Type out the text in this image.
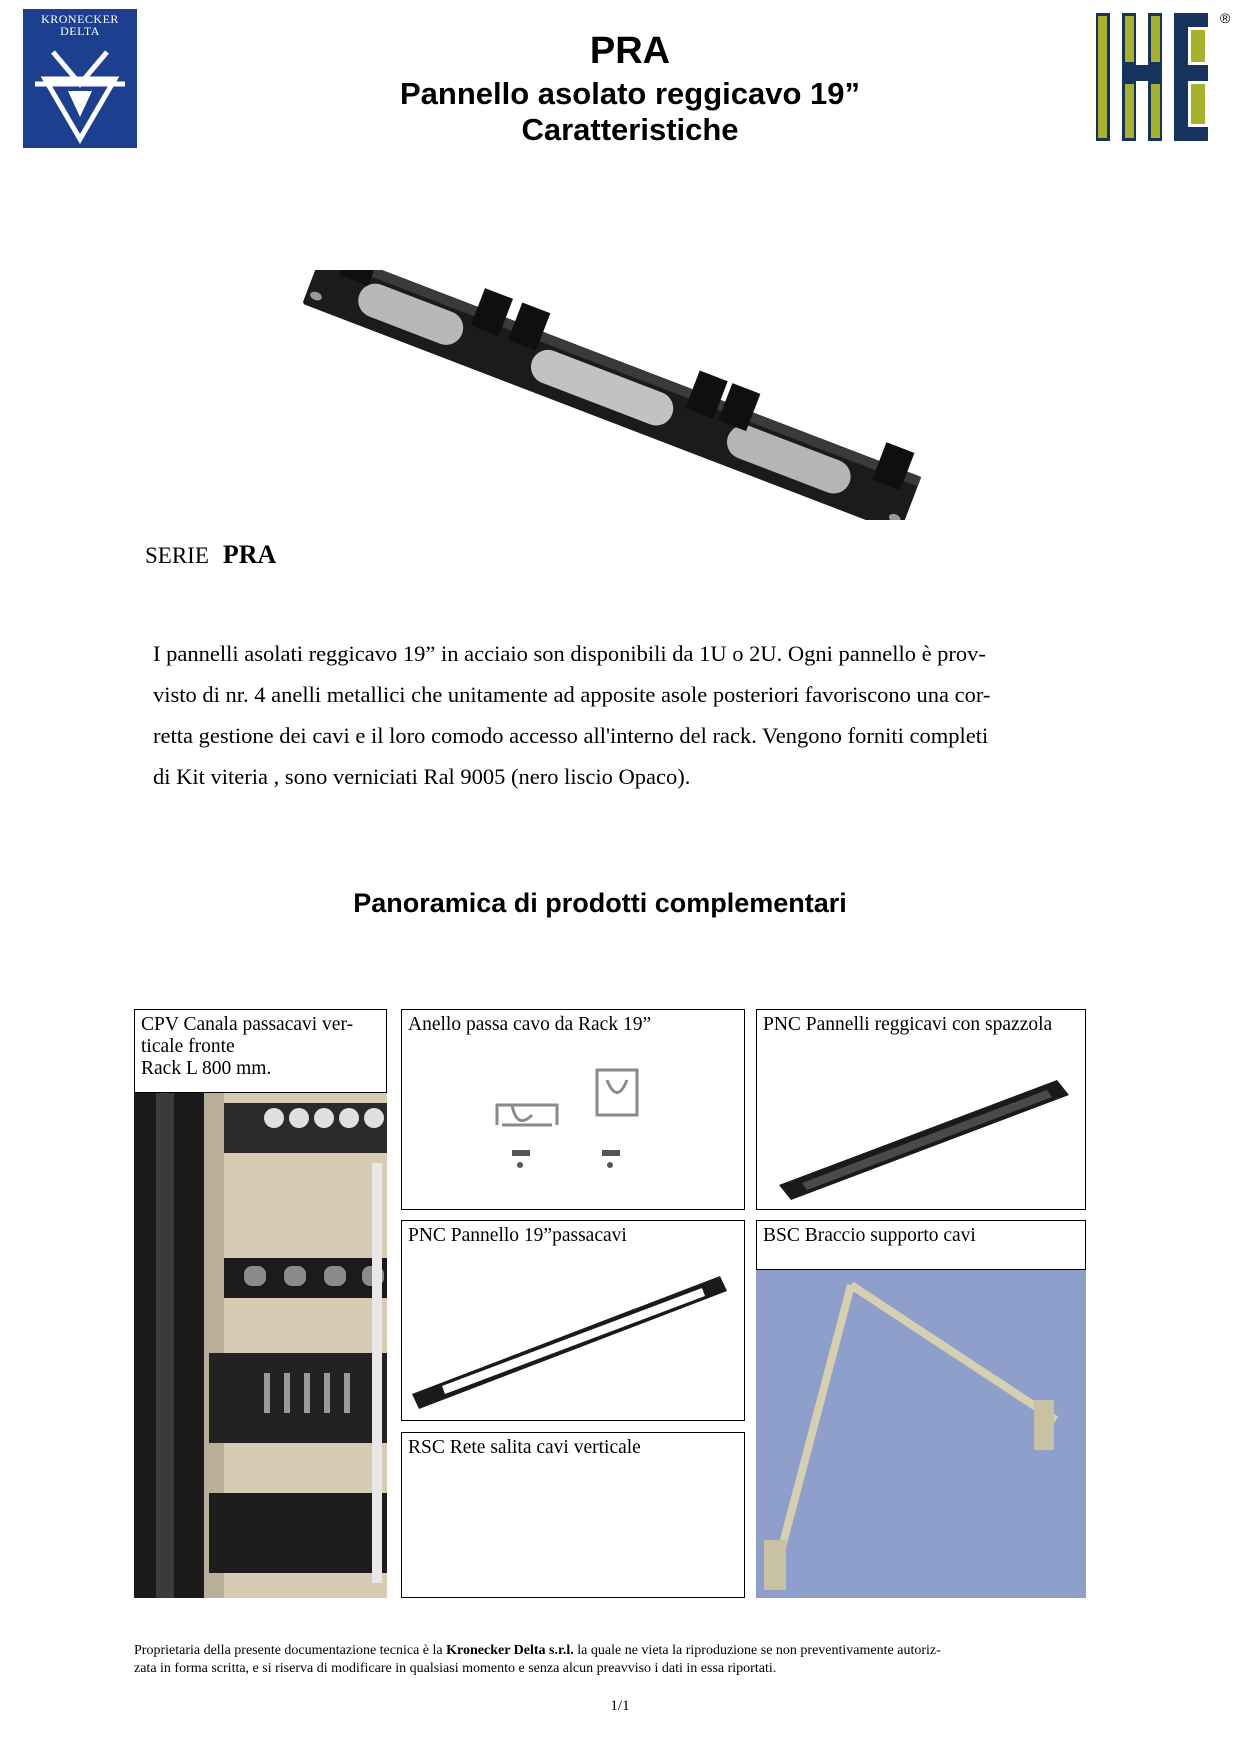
KRONECKER
DELTA	PRA
Pannello asolato reggicavo 19”
Caratteristiche
®
SERIE PRA
I pannelli asolati reggicavo 19” in acciaio son disponibili da 1U o 2U. Ogni pannello è prov-
visto di nr. 4 anelli metallici che unitamente ad apposite asole posteriori favoriscono una cor-
retta gestione dei cavi e il loro comodo accesso all'interno del rack. Vengono forniti completi
di Kit viteria , sono verniciati Ral 9005 (nero liscio Opaco).
Panoramica di prodotti complementari
CPV Canala passacavi ver-
ticale fronte
Rack L 800 mm.
Anello passa cavo da Rack 19”	PNC Pannelli reggicavi con spazzola
PNC Pannello 19”passacavi	BSC Braccio supporto cavi
RSC Rete salita cavi verticale
Proprietaria della presente documentazione tecnica è la Kronecker Delta s.r.l. la quale ne vieta la riproduzione se non preventivamente autoriz-
zata in forma scritta, e si riserva di modificare in qualsiasi momento e senza alcun preavviso i dati in essa riportati.
1/1
